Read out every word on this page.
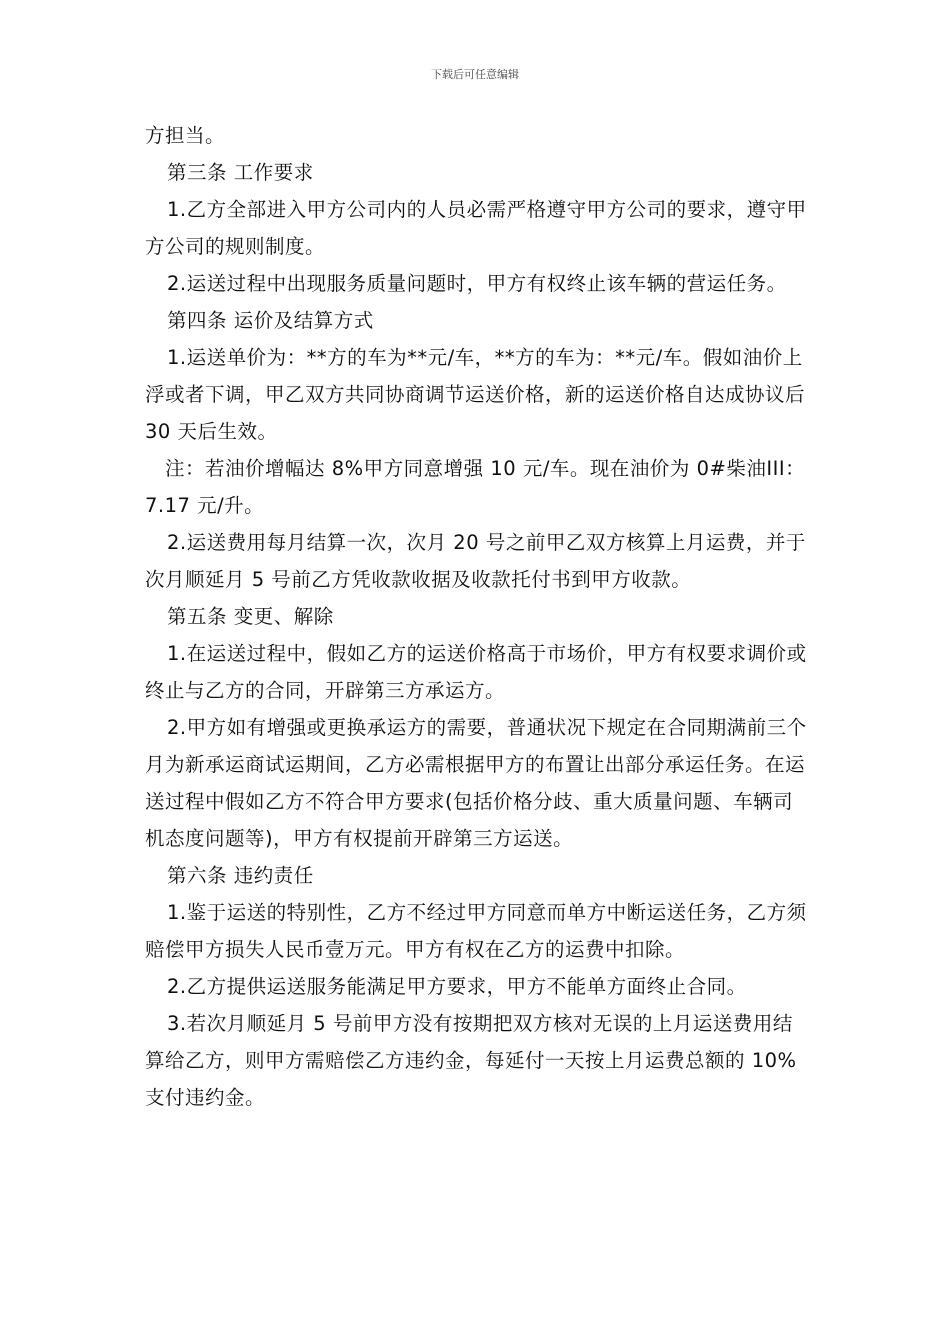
下载后可任意编辑

方担当。

第三条 工作要求

1.乙方全部进入甲方公司内的人员必需严格遵守甲方公司的要求，遵守甲方公司的规则制度。

2.运送过程中出现服务质量问题时，甲方有权终止该车辆的营运任务。

第四条 运价及结算方式

1.运送单价为：**方的车为**元/车，**方的车为：**元/车。假如油价上浮或者下调，甲乙双方共同协商调节运送价格，新的运送价格自达成协议后 30 天后生效。

注：若油价增幅达 8%甲方同意增强 10 元/车。现在油价为 0#柴油III：7.17 元/升。

2.运送费用每月结算一次，次月 20 号之前甲乙双方核算上月运费，并于次月顺延月 5 号前乙方凭收款收据及收款托付书到甲方收款。

第五条 变更、解除

1.在运送过程中，假如乙方的运送价格高于市场价，甲方有权要求调价或终止与乙方的合同，开辟第三方承运方。

2.甲方如有增强或更换承运方的需要，普通状况下规定在合同期满前三个月为新承运商试运期间，乙方必需根据甲方的布置让出部分承运任务。在运送过程中假如乙方不符合甲方要求(包括价格分歧、重大质量问题、车辆司机态度问题等)，甲方有权提前开辟第三方运送。

第六条 违约责任

1.鉴于运送的特别性，乙方不经过甲方同意而单方中断运送任务，乙方须赔偿甲方损失人民币壹万元。甲方有权在乙方的运费中扣除。

2.乙方提供运送服务能满足甲方要求，甲方不能单方面终止合同。

3.若次月顺延月 5 号前甲方没有按期把双方核对无误的上月运送费用结算给乙方，则甲方需赔偿乙方违约金，每延付一天按上月运费总额的 10%支付违约金。
